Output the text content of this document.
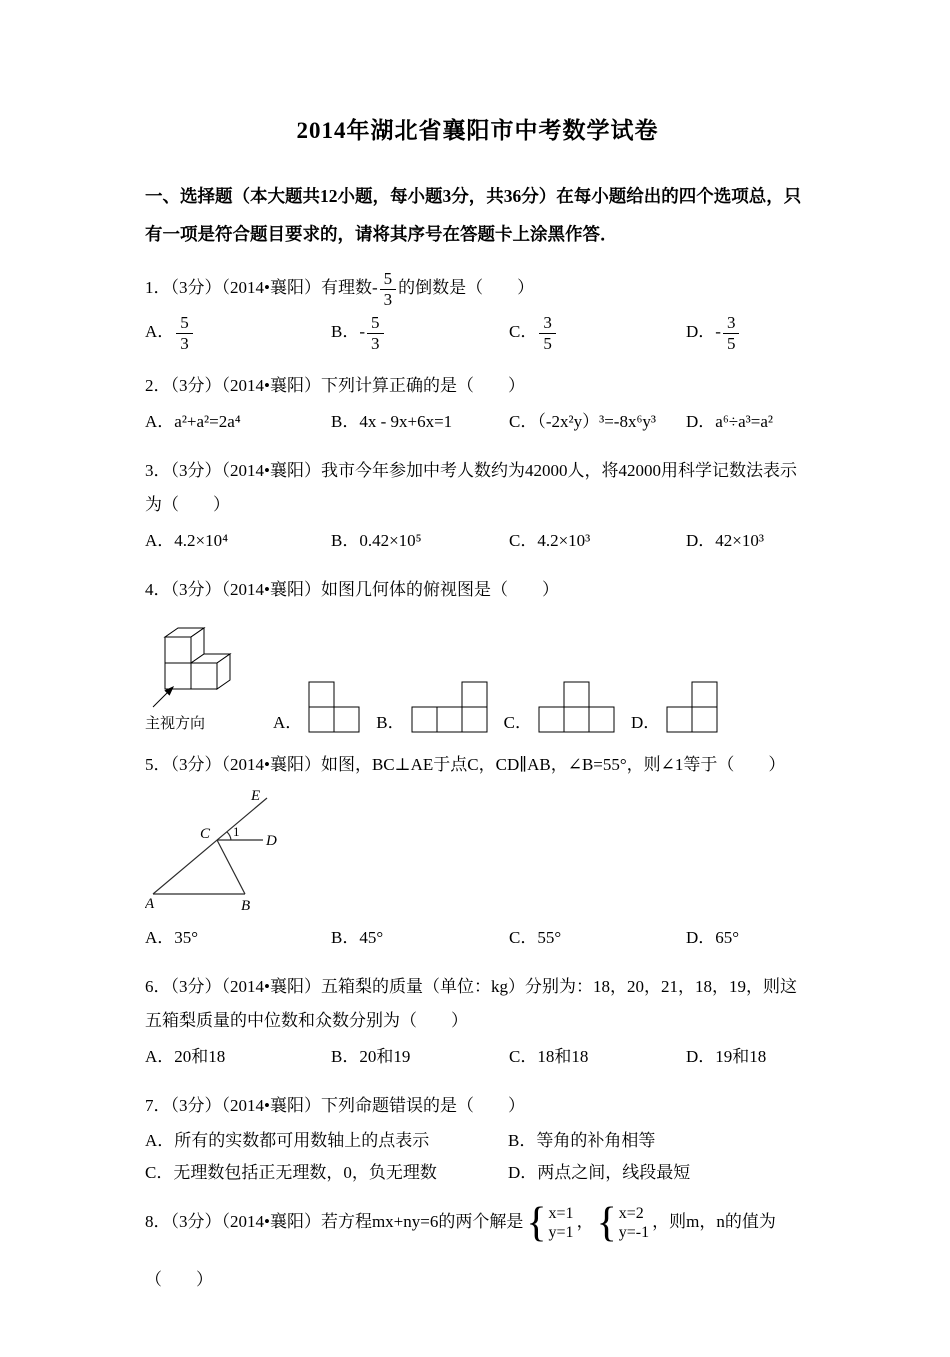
2014年湖北省襄阳市中考数学试卷

一、选择题（本大题共12小题，每小题3分，共36分）在每小题给出的四个选项总，只有一项是符合题目要求的，请将其序号在答题卡上涂黑作答．

1．（3分）（2014•襄阳）有理数- $\frac{5}{3}$ 的倒数是（　　）
A． $\frac{5}{3}$	B．- $\frac{5}{3}$	C． $\frac{3}{5}$	D．- $\frac{3}{5}$
2．（3分）（2014•襄阳）下列计算正确的是（　　）
A．a²+a²=2a⁴	B．4x - 9x+6x=1	C．（-2x²y）³=-8x⁶y³	D．a⁶÷a³=a²
3．（3分）（2014•襄阳）我市今年参加中考人数约为42000人，将42000用科学记数法表示为（　　）
A．4.2×10⁴	B．0.42×10⁵	C．4.2×10³	D．42×10³
4．（3分）（2014•襄阳）如图几何体的俯视图是（　　）
主视方向	A．	B．	C．	D．
5．（3分）（2014•襄阳）如图，BC⊥AE于点C，CD∥AB，∠B=55°，则∠1等于（　　）
E
C	D
1
A	B
A．35°	B．45°	C．55°	D．65°
6．（3分）（2014•襄阳）五箱梨的质量（单位：kg）分别为：18，20，21，18，19，则这五箱梨质量的中位数和众数分别为（　　）
A．20和18	B．20和19	C．18和18	D．19和18
7．（3分）（2014•襄阳）下列命题错误的是（　　）
A．所有的实数都可用数轴上的点表示	B．等角的补角相等
C．无理数包括正无理数，0，负无理数	D．两点之间，线段最短
8．（3分）（2014•襄阳）若方程mx+ny=6的两个解是 { x=1
y=1
， { x=2
y=-1
，则m，n的值为
（　　）
